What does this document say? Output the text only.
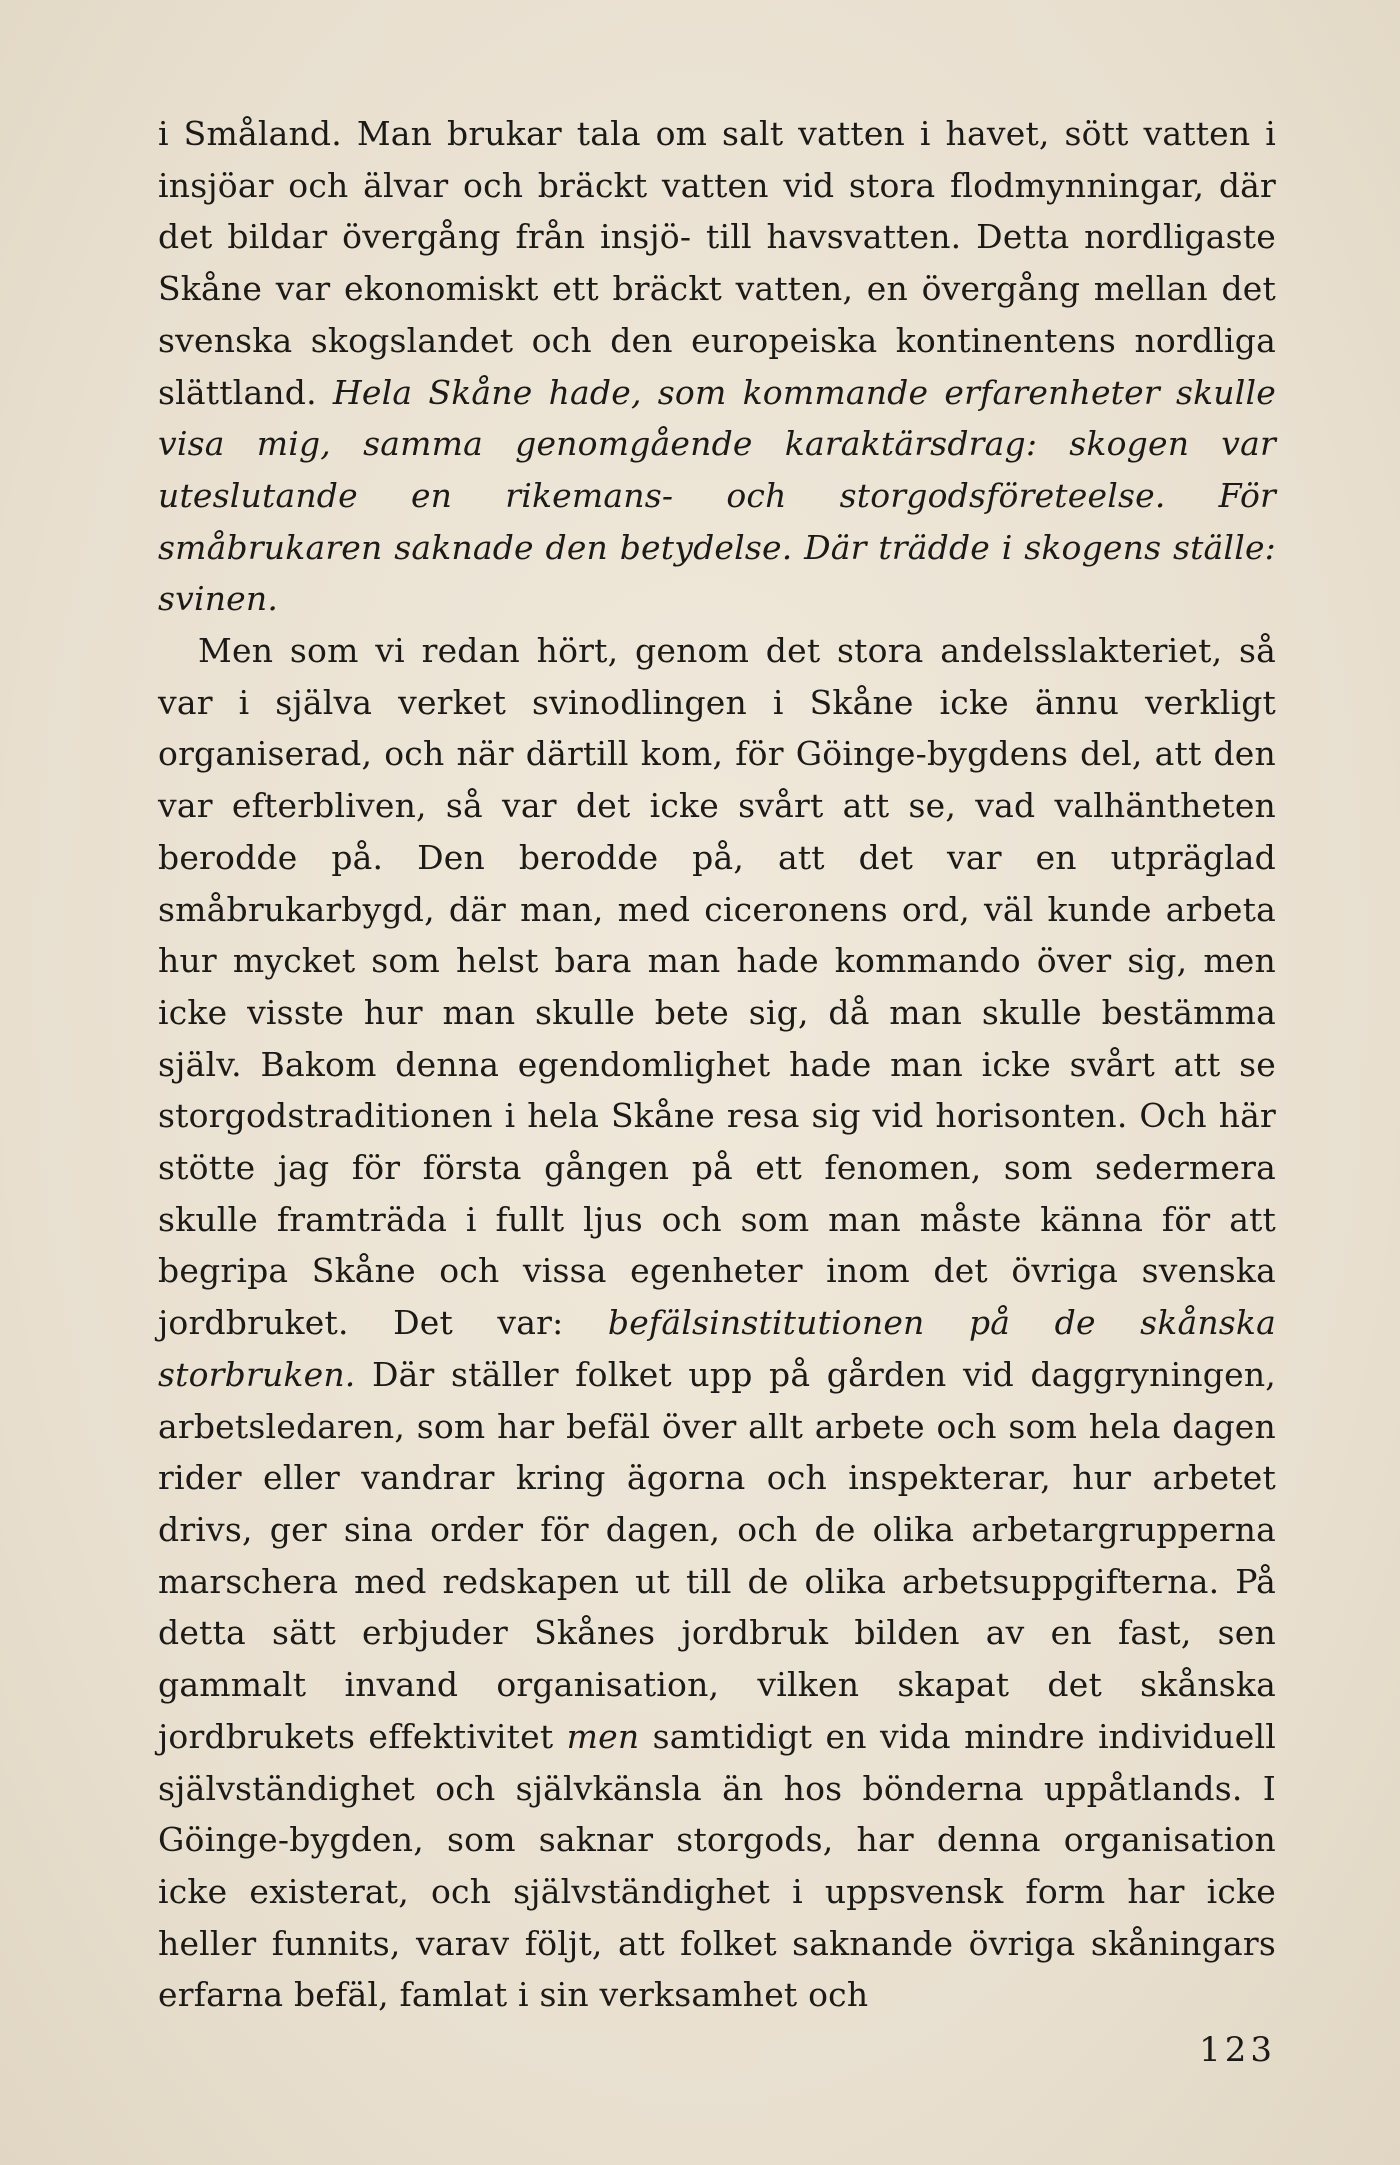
i Småland. Man brukar tala om salt vatten i havet, sött vatten i insjöar och älvar och bräckt vatten vid stora flodmynningar, där det bildar övergång från insjö- till havsvatten. Detta nordligaste Skåne var ekonomiskt ett bräckt vatten, en övergång mellan det svenska skogslandet och den europeiska kontinentens nordliga slättland. Hela Skåne hade, som kommande erfarenheter skulle visa mig, samma genomgående karaktärsdrag: skogen var uteslutande en rikemans- och storgodsföreteelse. För småbrukaren saknade den betydelse. Där trädde i skogens ställe: svinen.

Men som vi redan hört, genom det stora andelsslakteriet, så var i själva verket svinodlingen i Skåne icke ännu verkligt organiserad, och när därtill kom, för Göinge-bygdens del, att den var efterbliven, så var det icke svårt att se, vad valhäntheten berodde på. Den berodde på, att det var en utpräglad småbrukarbygd, där man, med ciceronens ord, väl kunde arbeta hur mycket som helst bara man hade kommando över sig, men icke visste hur man skulle bete sig, då man skulle bestämma själv. Bakom denna egendomlighet hade man icke svårt att se storgodstraditionen i hela Skåne resa sig vid horisonten. Och här stötte jag för första gången på ett fenomen, som sedermera skulle framträda i fullt ljus och som man måste känna för att begripa Skåne och vissa egenheter inom det övriga svenska jordbruket. Det var: befälsinstitutionen på de skånska storbruken. Där ställer folket upp på gården vid daggryningen, arbetsledaren, som har befäl över allt arbete och som hela dagen rider eller vandrar kring ägorna och inspekterar, hur arbetet drivs, ger sina order för dagen, och de olika arbetargrupperna marschera med redskapen ut till de olika arbetsuppgifterna. På detta sätt erbjuder Skånes jordbruk bilden av en fast, sen gammalt invand organisation, vilken skapat det skånska jordbrukets effektivitet men samtidigt en vida mindre individuell självständighet och självkänsla än hos bönderna uppåtlands. I Göinge-bygden, som saknar storgods, har denna organisation icke existerat, och självständighet i uppsvensk form har icke heller funnits, varav följt, att folket saknande övriga skåningars erfarna befäl, famlat i sin verksamhet och

123
